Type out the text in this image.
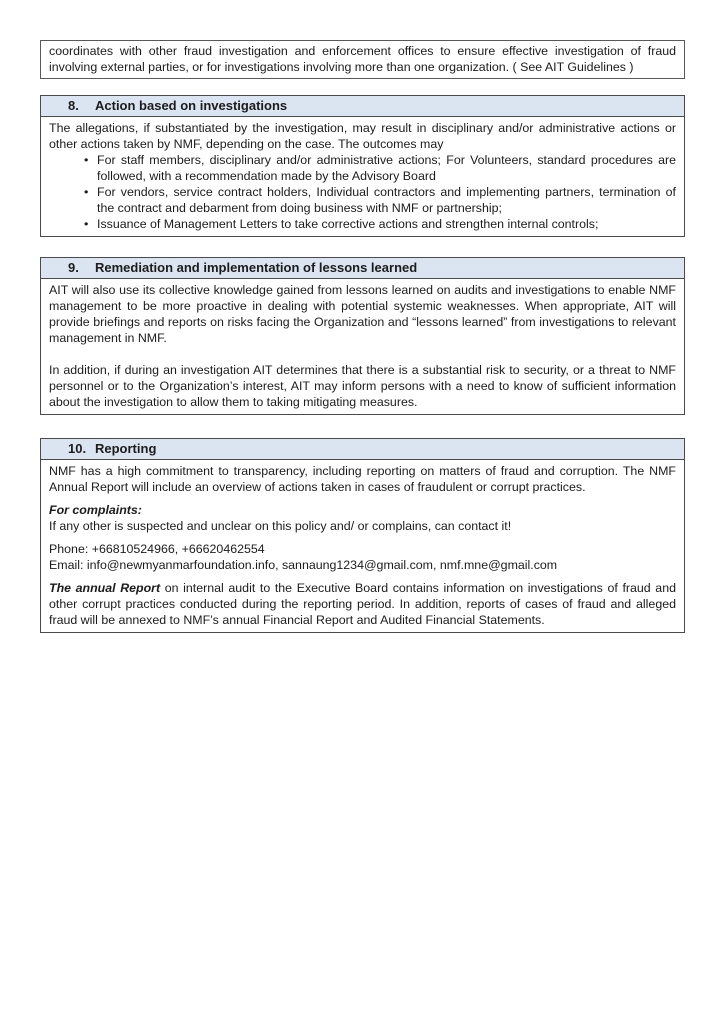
coordinates with other fraud investigation and enforcement offices to ensure effective investigation of fraud involving external parties, or for investigations involving more than one organization. ( See AIT Guidelines )

8.	Action based on investigations

The allegations, if substantiated by the investigation, may result in disciplinary and/or administrative actions or other actions taken by NMF, depending on the case. The outcomes may

• For staff members, disciplinary and/or administrative actions; For Volunteers, standard procedures are followed, with a recommendation made by the Advisory Board
• For vendors, service contract holders, Individual contractors and implementing partners, termination of the contract and debarment from doing business with NMF or partnership;
• Issuance of Management Letters to take corrective actions and strengthen internal controls;
9.	Remediation and implementation of lessons learned

AIT will also use its collective knowledge gained from lessons learned on audits and investigations to enable NMF management to be more proactive in dealing with potential systemic weaknesses. When appropriate, AIT will provide briefings and reports on risks facing the Organization and “lessons learned” from investigations to relevant management in NMF.

In addition, if during an investigation AIT determines that there is a substantial risk to security, or a threat to NMF personnel or to the Organization’s interest, AIT may inform persons with a need to know of sufficient information about the investigation to allow them to taking mitigating measures.

10. Reporting

NMF has a high commitment to transparency, including reporting on matters of fraud and corruption. The NMF Annual Report will include an overview of actions taken in cases of fraudulent or corrupt practices.

For complaints:

If any other is suspected and unclear on this policy and/ or complains, can contact it!

Phone: +66810524966, +66620462554

Email: info@newmyanmarfoundation.info, sannaung1234@gmail.com, nmf.mne@gmail.com

The annual Report on internal audit to the Executive Board contains information on investigations of fraud and other corrupt practices conducted during the reporting period. In addition, reports of cases of fraud and alleged fraud will be annexed to NMF’s annual Financial Report and Audited Financial Statements.
